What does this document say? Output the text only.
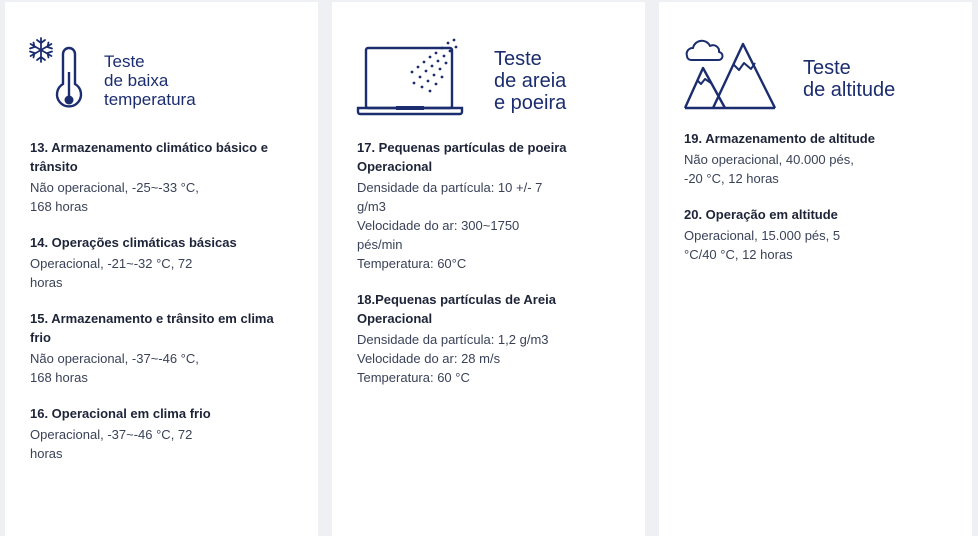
Teste
de baixa
temperatura
13. Armazenamento climático básico e trânsito
Não operacional, -25~-33 °C,
168 horas
14. Operações climáticas básicas
Operacional, -21~-32 °C, 72
horas
15. Armazenamento e trânsito em clima frio
Não operacional, -37~-46 °C,
168 horas
16. Operacional em clima frio
Operacional, -37~-46 °C, 72
horas
Teste
de areia
e poeira
17. Pequenas partículas de poeira Operacional
Densidade da partícula: 10 +/- 7
g/m3
Velocidade do ar: 300~1750
pés/min
Temperatura: 60°C
18.Pequenas partículas de Areia Operacional
Densidade da partícula: 1,2 g/m3
Velocidade do ar: 28 m/s
Temperatura: 60 °C
Teste
de altitude
19. Armazenamento de altitude
Não operacional, 40.000 pés,
-20 °C, 12 horas
20. Operação em altitude
Operacional, 15.000 pés, 5
°C/40 °C, 12 horas
